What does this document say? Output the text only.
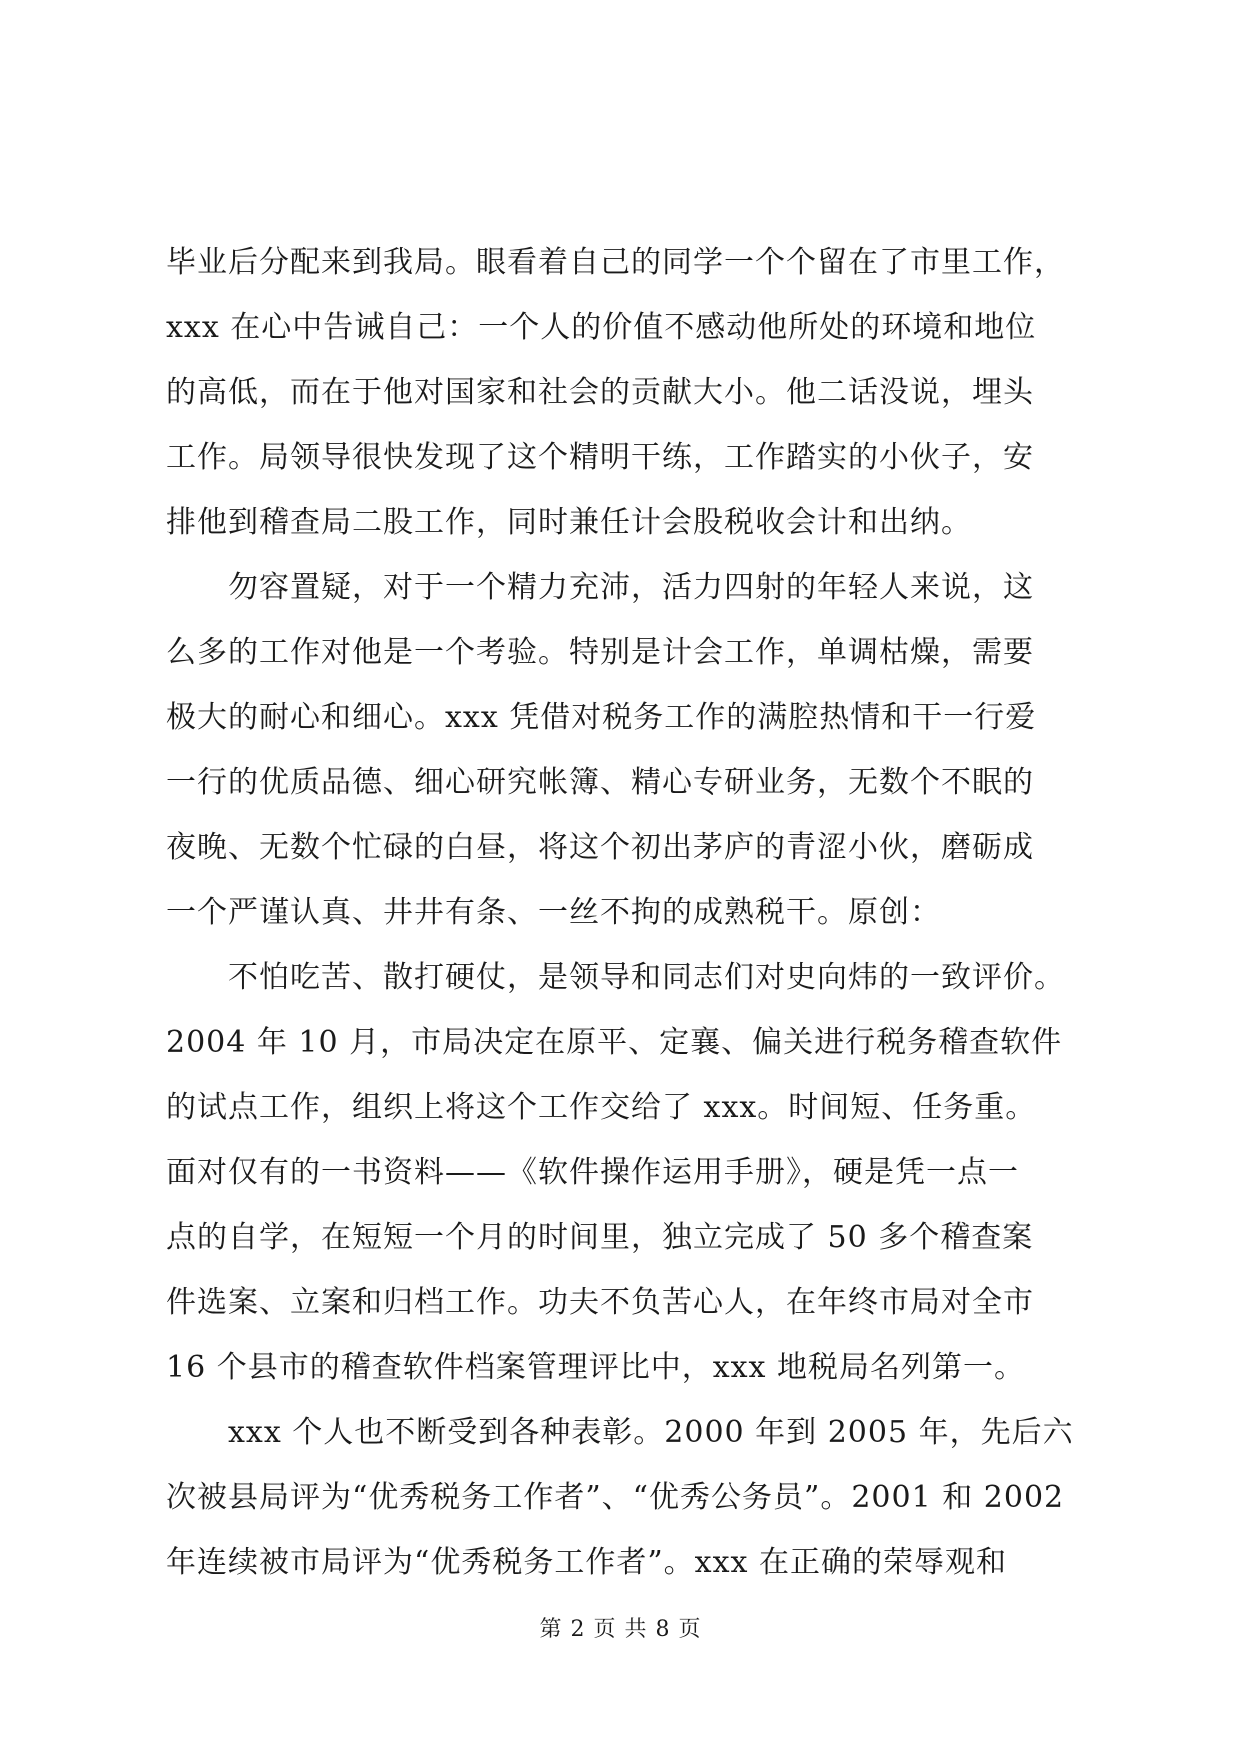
毕业后分配来到我局。眼看着自己的同学一个个留在了市里工作，
xxx 在心中告诫自己：一个人的价值不感动他所处的环境和地位
的高低，而在于他对国家和社会的贡献大小。他二话没说，埋头
工作。局领导很快发现了这个精明干练，工作踏实的小伙子，安
排他到稽查局二股工作，同时兼任计会股税收会计和出纳。
　　勿容置疑，对于一个精力充沛，活力四射的年轻人来说，这
么多的工作对他是一个考验。特别是计会工作，单调枯燥，需要
极大的耐心和细心。xxx 凭借对税务工作的满腔热情和干一行爱
一行的优质品德、细心研究帐簿、精心专研业务，无数个不眠的
夜晚、无数个忙碌的白昼，将这个初出茅庐的青涩小伙，磨砺成
一个严谨认真、井井有条、一丝不拘的成熟税干。原创：
　　不怕吃苦、散打硬仗，是领导和同志们对史向炜的一致评价。
2004 年 10 月，市局决定在原平、定襄、偏关进行税务稽查软件
的试点工作，组织上将这个工作交给了 xxx。时间短、任务重。
面对仅有的一书资料——《软件操作运用手册》，硬是凭一点一
点的自学，在短短一个月的时间里，独立完成了 50 多个稽查案
件选案、立案和归档工作。功夫不负苦心人，在年终市局对全市
16 个县市的稽查软件档案管理评比中，xxx 地税局名列第一。
　　xxx 个人也不断受到各种表彰。2000 年到 2005 年，先后六
次被县局评为“优秀税务工作者”、“优秀公务员”。2001 和 2002
年连续被市局评为“优秀税务工作者”。xxx 在正确的荣辱观和
第 2 页 共 8 页
